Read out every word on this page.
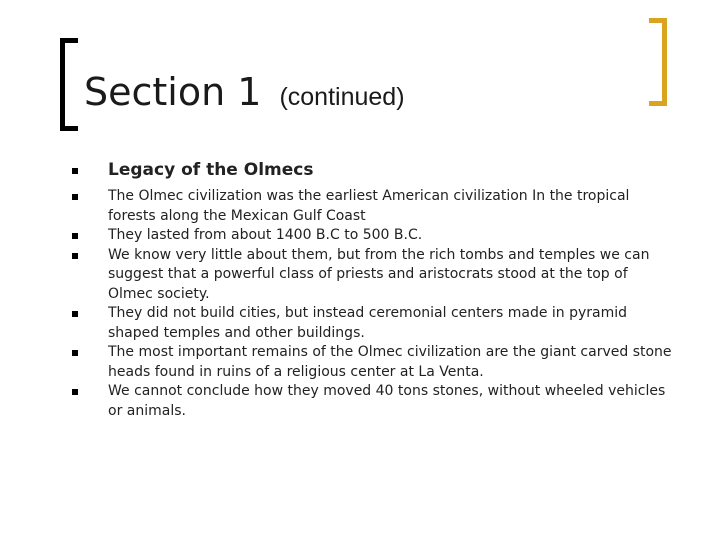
Section 1 (continued)
Legacy of the Olmecs
The Olmec civilization was the earliest American civilization In the tropical forests along the Mexican Gulf Coast
They lasted from about 1400 B.C to 500 B.C.
We know very little about them, but from the rich tombs and temples we can suggest that a powerful class of priests and aristocrats stood at the top of Olmec society.
They did not build cities, but instead ceremonial centers made in pyramid shaped temples and other buildings.
The most important remains of the Olmec civilization are the giant carved stone heads found in ruins of a religious center at La Venta.
We cannot conclude how they moved 40 tons stones, without wheeled vehicles or animals.
